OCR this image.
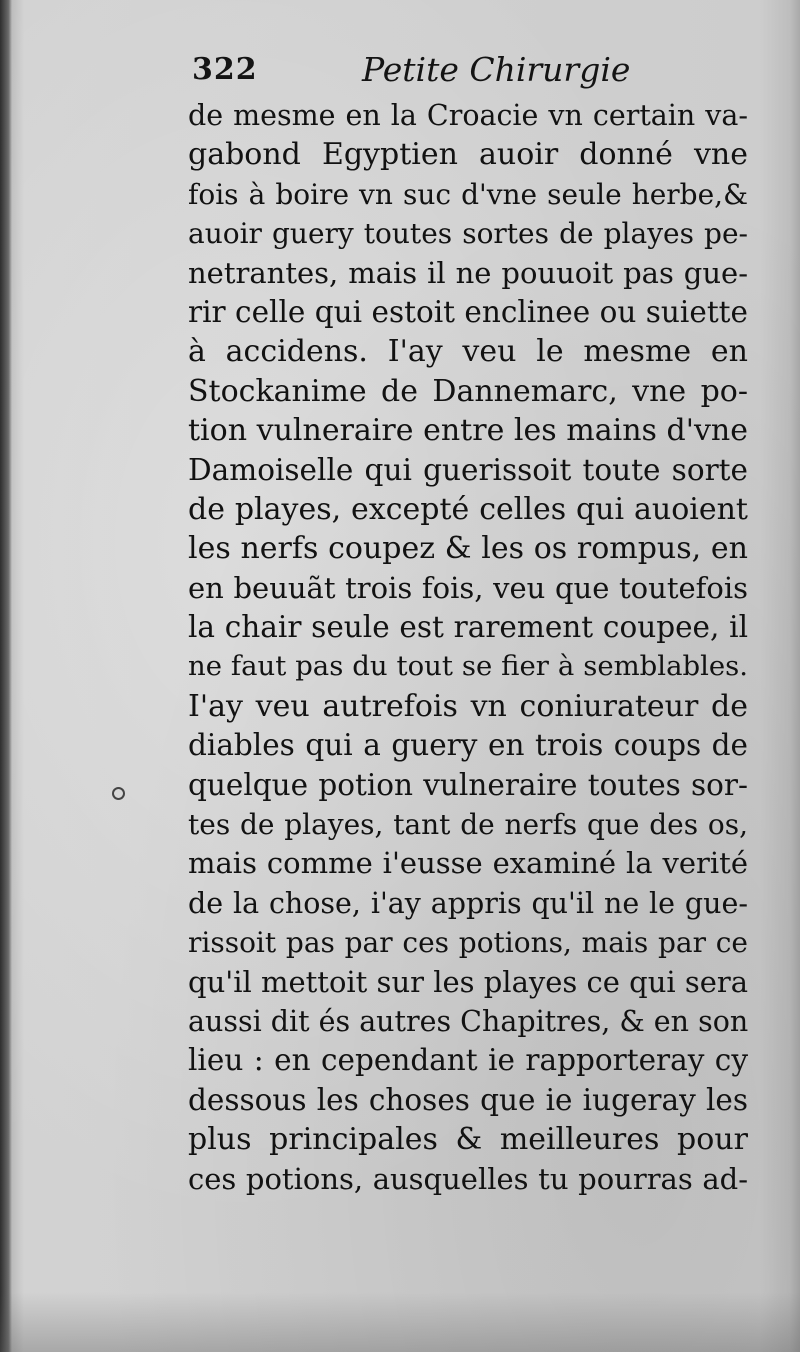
322	Petite Chirurgie
de mesme en la Croacie vn certain va-
gabond Egyptien auoir donné vne
fois à boire vn suc d'vne seule herbe,&
auoir guery toutes sortes de playes pe-
netrantes, mais il ne pouuoit pas gue-
rir celle qui estoit enclinee ou suiette
à accidens. I'ay veu le mesme en
Stockanime de Dannemarc, vne po-
tion vulneraire entre les mains d'vne
Damoiselle qui guerissoit toute sorte
de playes, excepté celles qui auoient
les nerfs coupez & les os rompus, en
en beuuãt trois fois, veu que toutefois
la chair seule est rarement coupee, il
ne faut pas du tout se fier à semblables.
I'ay veu autrefois vn coniurateur de
diables qui a guery en trois coups de
quelque potion vulneraire toutes sor-
tes de playes, tant de nerfs que des os,
mais comme i'eusse examiné la verité
de la chose, i'ay appris qu'il ne le gue-
rissoit pas par ces potions, mais par ce
qu'il mettoit sur les playes ce qui sera
aussi dit és autres Chapitres, & en son
lieu : en cependant ie rapporteray cy
dessous les choses que ie iugeray les
plus principales & meilleures pour
ces potions, ausquelles tu pourras ad-
